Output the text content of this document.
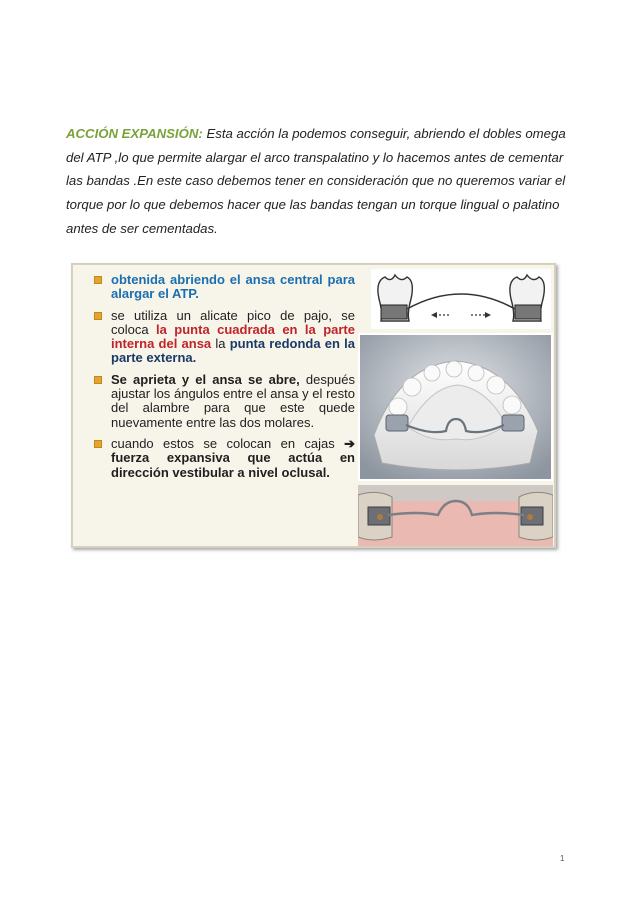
ACCIÓN EXPANSIÓN: Esta acción la podemos conseguir, abriendo el dobles omega del ATP ,lo que permite alargar el arco transpalatino y lo hacemos antes de cementar las bandas .En este caso debemos tener en consideración que no queremos variar el torque por lo que debemos hacer que las bandas tengan un torque lingual o palatino antes de ser cementadas.

obtenida abriendo el ansa central para alargar el ATP.
se utiliza un alicate pico de pajo, se coloca la punta cuadrada en la parte interna del ansa la punta redonda en la parte externa.
Se aprieta y el ansa se abre, después ajustar los ángulos entre el ansa y el resto del alambre para que este quede nuevamente entre las dos molares.
cuando estos se colocan en cajas ➔ fuerza expansiva que actúa en dirección vestibular a nivel oclusal.
1
